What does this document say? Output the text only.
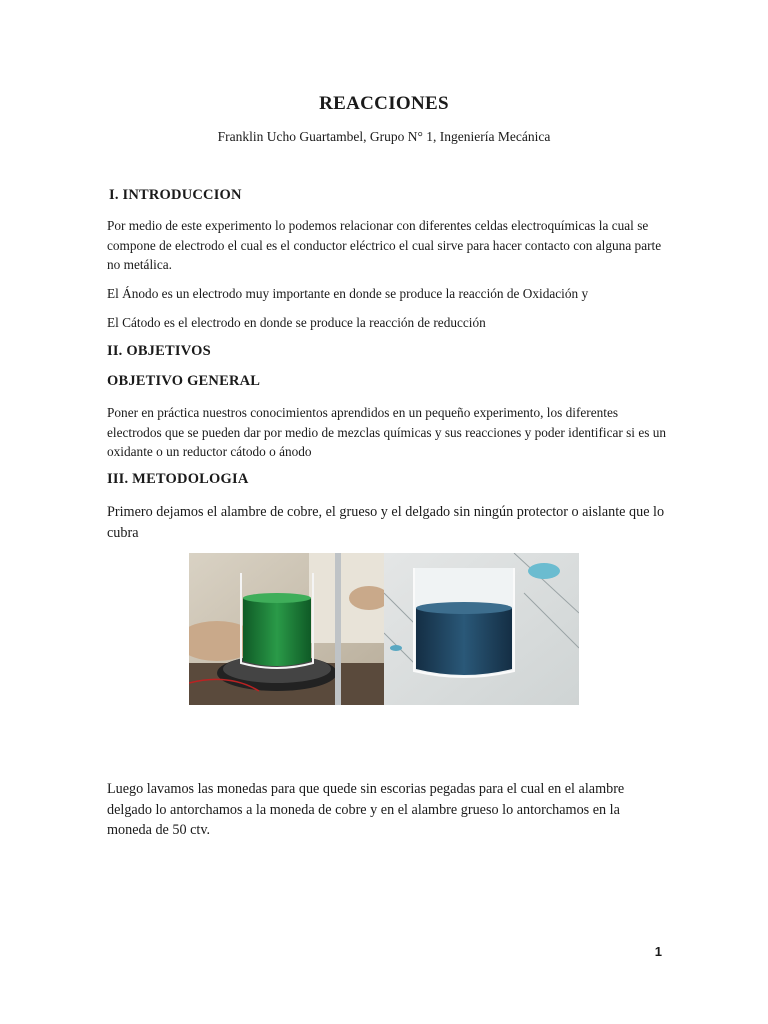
REACCIONES
Franklin Ucho Guartambel, Grupo N° 1, Ingeniería Mecánica
I. INTRODUCCION
Por medio de este experimento lo podemos relacionar con diferentes celdas electroquímicas la cual se compone de electrodo el cual es el conductor eléctrico el cual sirve para hacer contacto con alguna parte no metálica.
El Ánodo es un electrodo muy importante en donde se produce la reacción de Oxidación y
El Cátodo es el electrodo en donde se produce la reacción de reducción
II. OBJETIVOS
OBJETIVO GENERAL
Poner en práctica nuestros conocimientos aprendidos en un pequeño experimento, los diferentes electrodos que se pueden dar por medio de mezclas químicas y sus reacciones y poder identificar si es un oxidante o un reductor cátodo o ánodo
III. METODOLOGIA
Primero dejamos el alambre de cobre, el grueso y el delgado sin ningún protector o aislante que lo cubra
Luego lavamos las monedas para que quede sin escorias pegadas para el cual en el alambre delgado lo antorchamos a la moneda de cobre y en el alambre grueso lo antorchamos en la moneda de 50 ctv.
1
